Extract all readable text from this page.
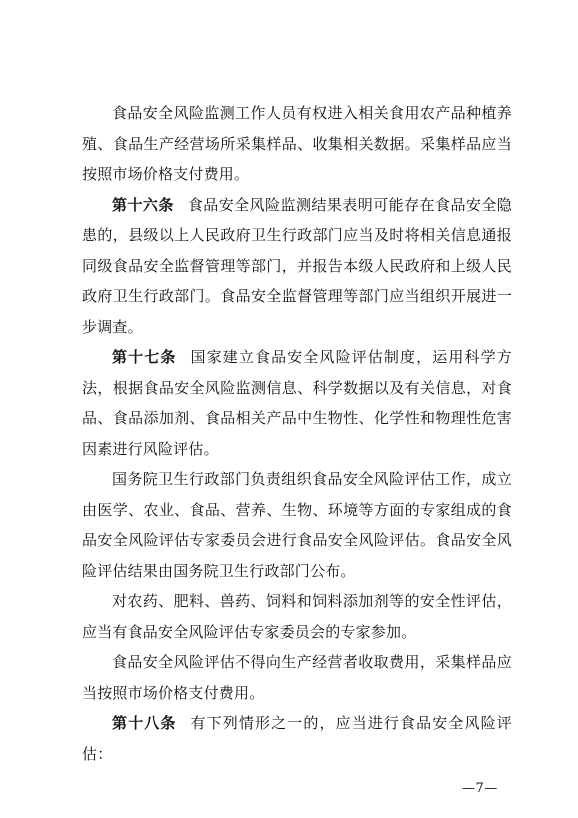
食品安全风险监测工作人员有权进入相关食用农产品种植养殖、食品生产经营场所采集样品、收集相关数据。采集样品应当按照市场价格支付费用。

第十六条 食品安全风险监测结果表明可能存在食品安全隐患的，县级以上人民政府卫生行政部门应当及时将相关信息通报同级食品安全监督管理等部门，并报告本级人民政府和上级人民政府卫生行政部门。食品安全监督管理等部门应当组织开展进一步调查。

第十七条 国家建立食品安全风险评估制度，运用科学方法，根据食品安全风险监测信息、科学数据以及有关信息，对食品、食品添加剂、食品相关产品中生物性、化学性和物理性危害因素进行风险评估。

国务院卫生行政部门负责组织食品安全风险评估工作，成立由医学、农业、食品、营养、生物、环境等方面的专家组成的食品安全风险评估专家委员会进行食品安全风险评估。食品安全风险评估结果由国务院卫生行政部门公布。

对农药、肥料、兽药、饲料和饲料添加剂等的安全性评估，应当有食品安全风险评估专家委员会的专家参加。

食品安全风险评估不得向生产经营者收取费用，采集样品应当按照市场价格支付费用。

第十八条 有下列情形之一的，应当进行食品安全风险评估：

—7—
